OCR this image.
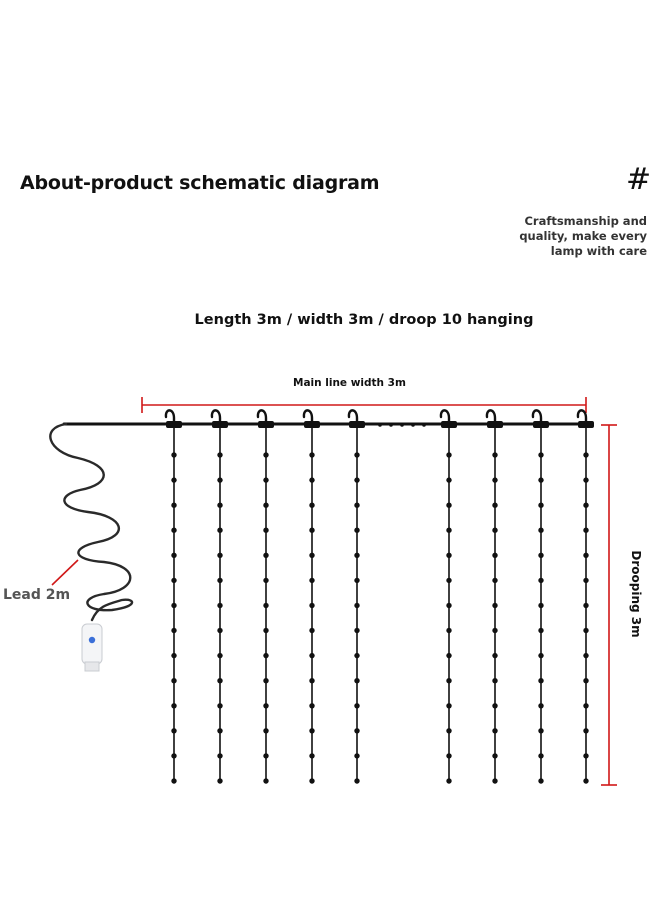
About-product schematic diagram	#
Craftsmanship and quality, make every lamp with care
Length 3m / width 3m / droop 10 hanging
Main line width 3m
Lead 2m	Drooping 3m
